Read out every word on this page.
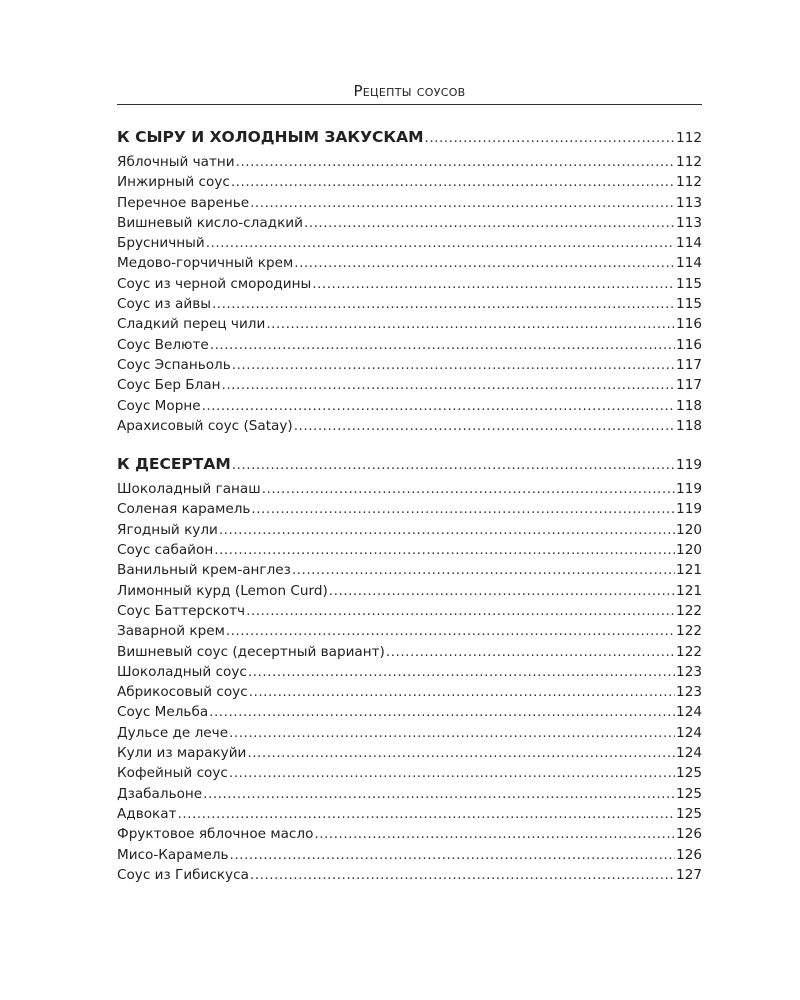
Рецепты соусов
К СЫРУ И ХОЛОДНЫМ ЗАКУСКАМ .....	112
Яблочный чатни .....	112
Инжирный соус .....	112
Перечное варенье .....	113
Вишневый кисло-сладкий .....	113
Брусничный .....	114
Медово-горчичный крем .....	114
Соус из черной смородины .....	115
Соус из айвы .....	115
Сладкий перец чили .....	116
Соус Велюте .....	116
Соус Эспаньоль .....	117
Соус Бер Блан .....	117
Соус Морне .....	118
Арахисовый соус (Satay) .....	118
К ДЕСЕРТАМ .....	119
Шоколадный ганаш .....	119
Соленая карамель .....	119
Ягодный кули .....	120
Соус сабайон .....	120
Ванильный крем-англез .....	121
Лимонный курд (Lemon Curd) .....	121
Соус Баттерскотч .....	122
Заварной крем .....	122
Вишневый соус (десертный вариант) .....	122
Шоколадный соус .....	123
Абрикосовый соус .....	123
Соус Мельба .....	124
Дульсе де лече .....	124
Кули из маракуйи .....	124
Кофейный соус .....	125
Дзабальоне .....	125
Адвокат .....	125
Фруктовое яблочное масло .....	126
Мисо-Карамель .....	126
Соус из Гибискуса .....	127
